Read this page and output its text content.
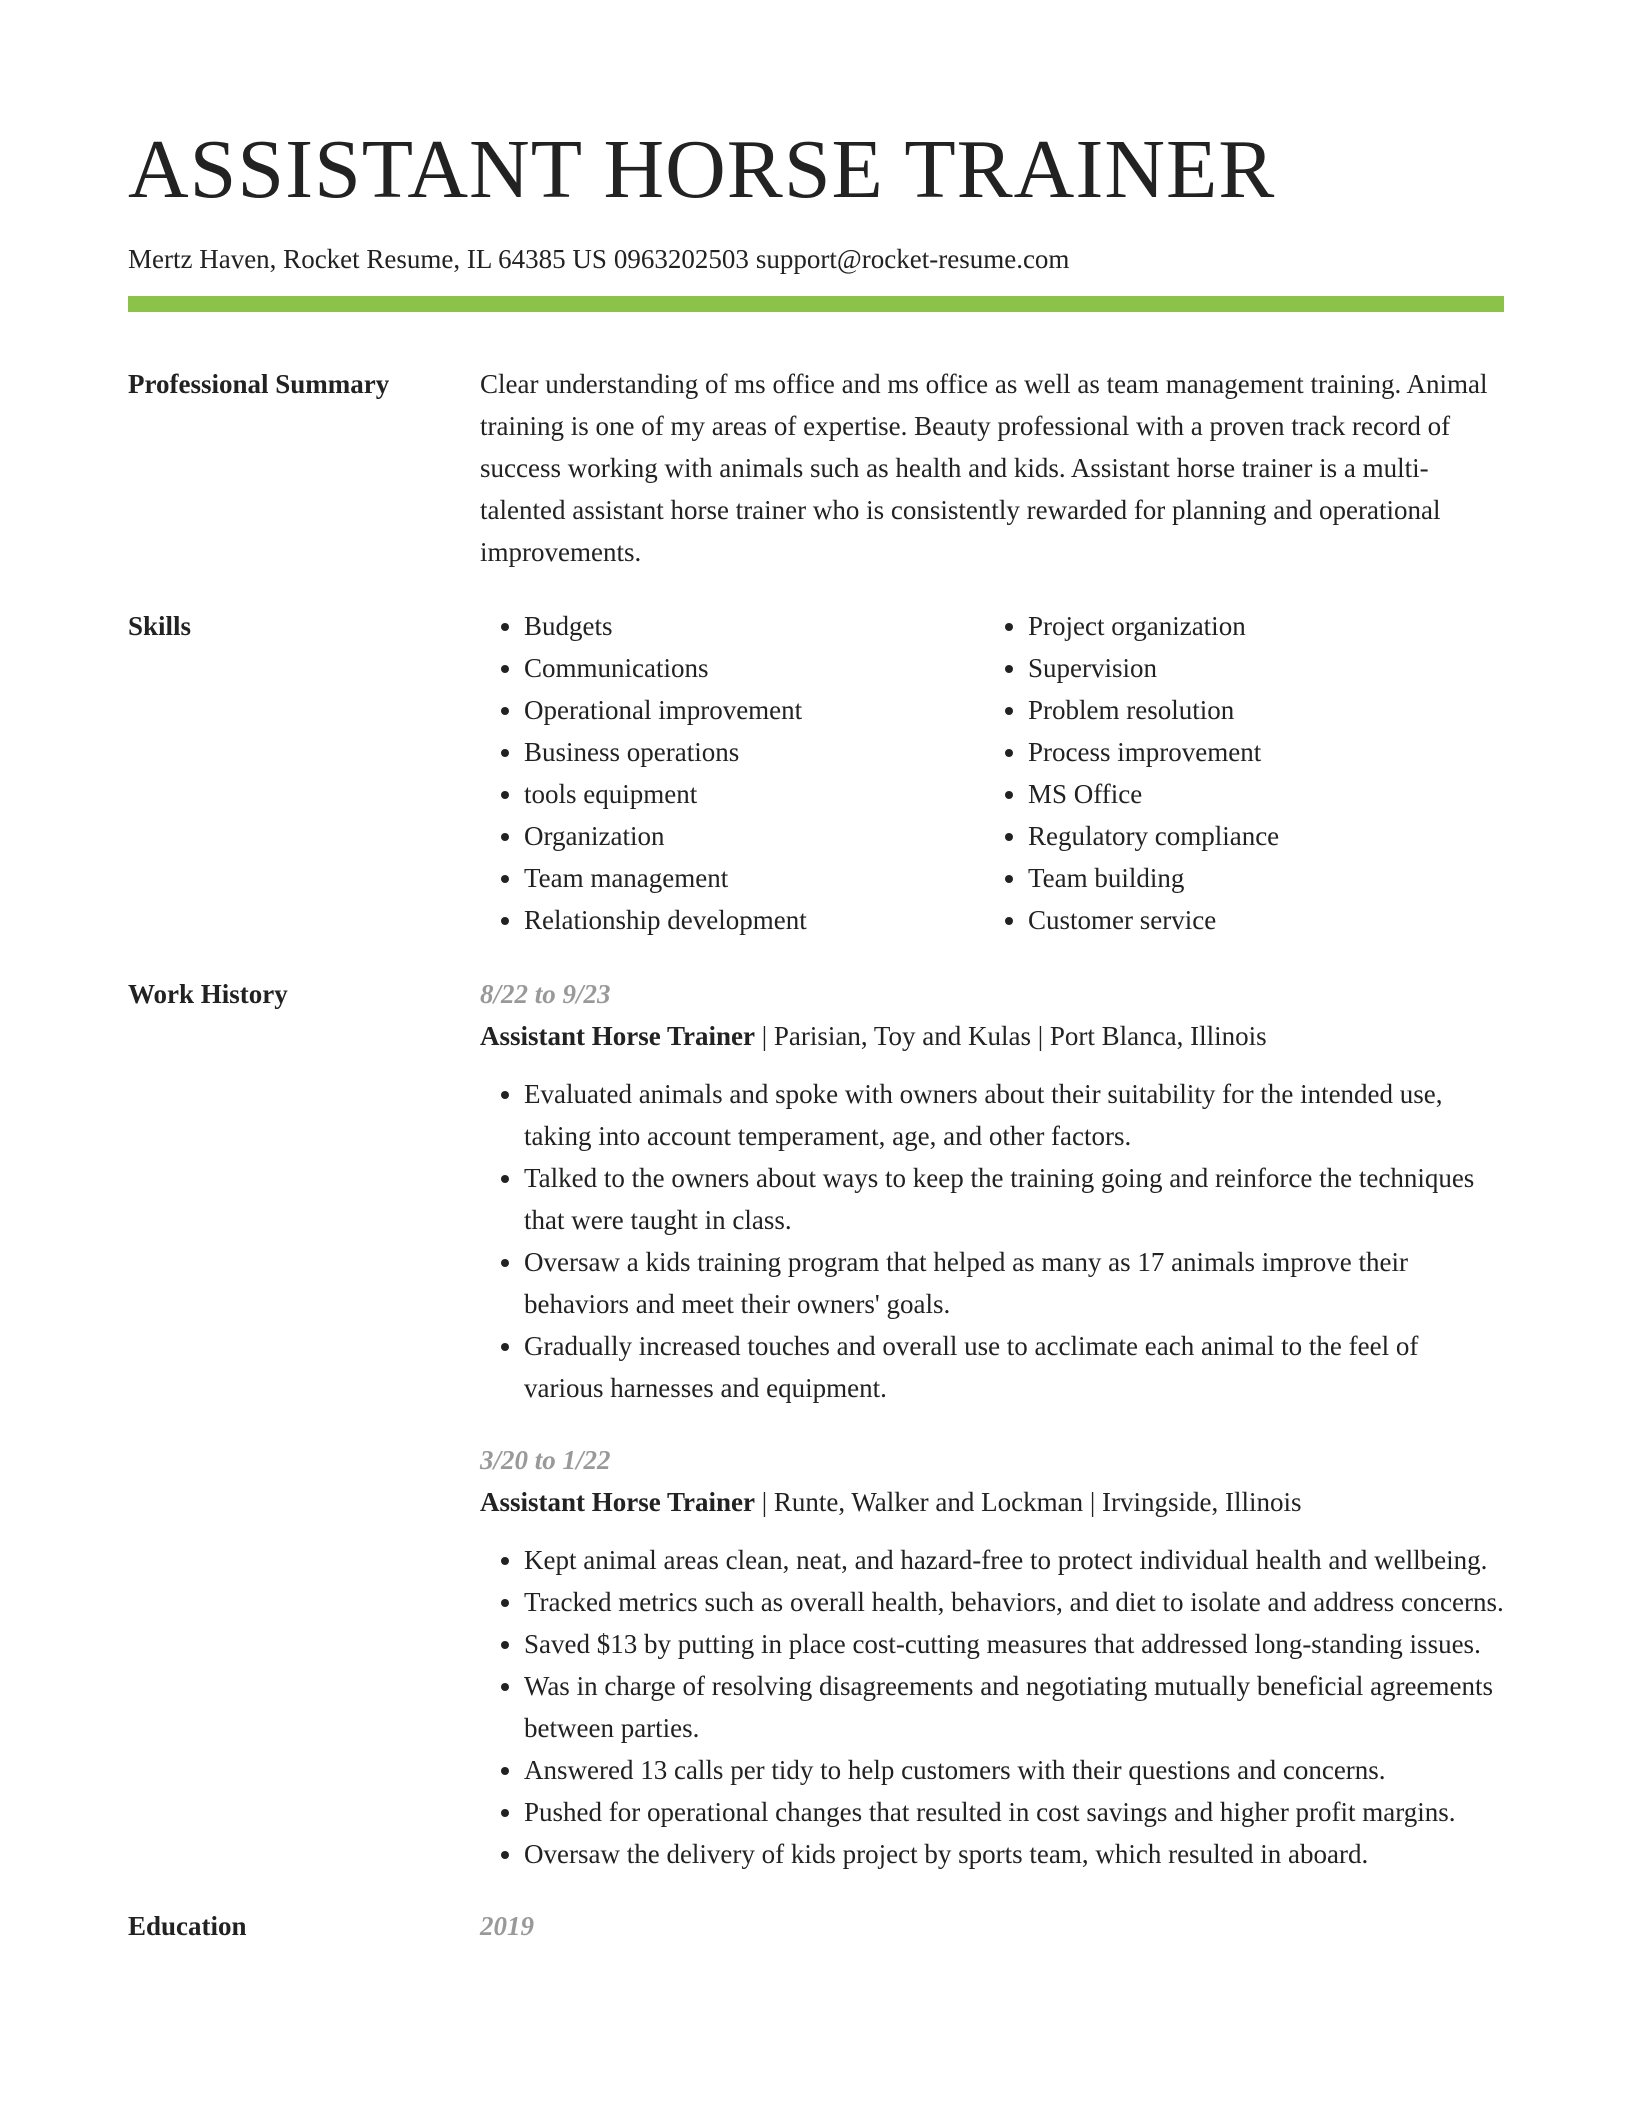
ASSISTANT HORSE TRAINER
Mertz Haven, Rocket Resume, IL 64385 US 0963202503 support@rocket-resume.com
Professional Summary	Clear understanding of ms office and ms office as well as team management training. Animal training is one of my areas of expertise. Beauty professional with a proven track record of success working with animals such as health and kids. Assistant horse trainer is a multi-talented assistant horse trainer who is consistently rewarded for planning and operational improvements.
Skills
•	Budgets
• Communications
• Operational improvement
• Business operations
• tools equipment
• Organization
• Team management
• Relationship development
• Project organization
• Supervision
• Problem resolution
• Process improvement
• MS Office
• Regulatory compliance
• Team building
• Customer service
Work History	8/22 to 9/23
Assistant Horse Trainer | Parisian, Toy and Kulas | Port Blanca, Illinois
• Evaluated animals and spoke with owners about their suitability for the intended use, taking into account temperament, age, and other factors.
• Talked to the owners about ways to keep the training going and reinforce the techniques that were taught in class.
• Oversaw a kids training program that helped as many as 17 animals improve their behaviors and meet their owners' goals.
• Gradually increased touches and overall use to acclimate each animal to the feel of various harnesses and equipment.
3/20 to 1/22
Assistant Horse Trainer | Runte, Walker and Lockman | Irvingside, Illinois
• Kept animal areas clean, neat, and hazard-free to protect individual health and wellbeing.
• Tracked metrics such as overall health, behaviors, and diet to isolate and address concerns.
• Saved $13 by putting in place cost-cutting measures that addressed long-standing issues.
• Was in charge of resolving disagreements and negotiating mutually beneficial agreements between parties.
• Answered 13 calls per tidy to help customers with their questions and concerns.
• Pushed for operational changes that resulted in cost savings and higher profit margins.
• Oversaw the delivery of kids project by sports team, which resulted in aboard.
Education	2019
